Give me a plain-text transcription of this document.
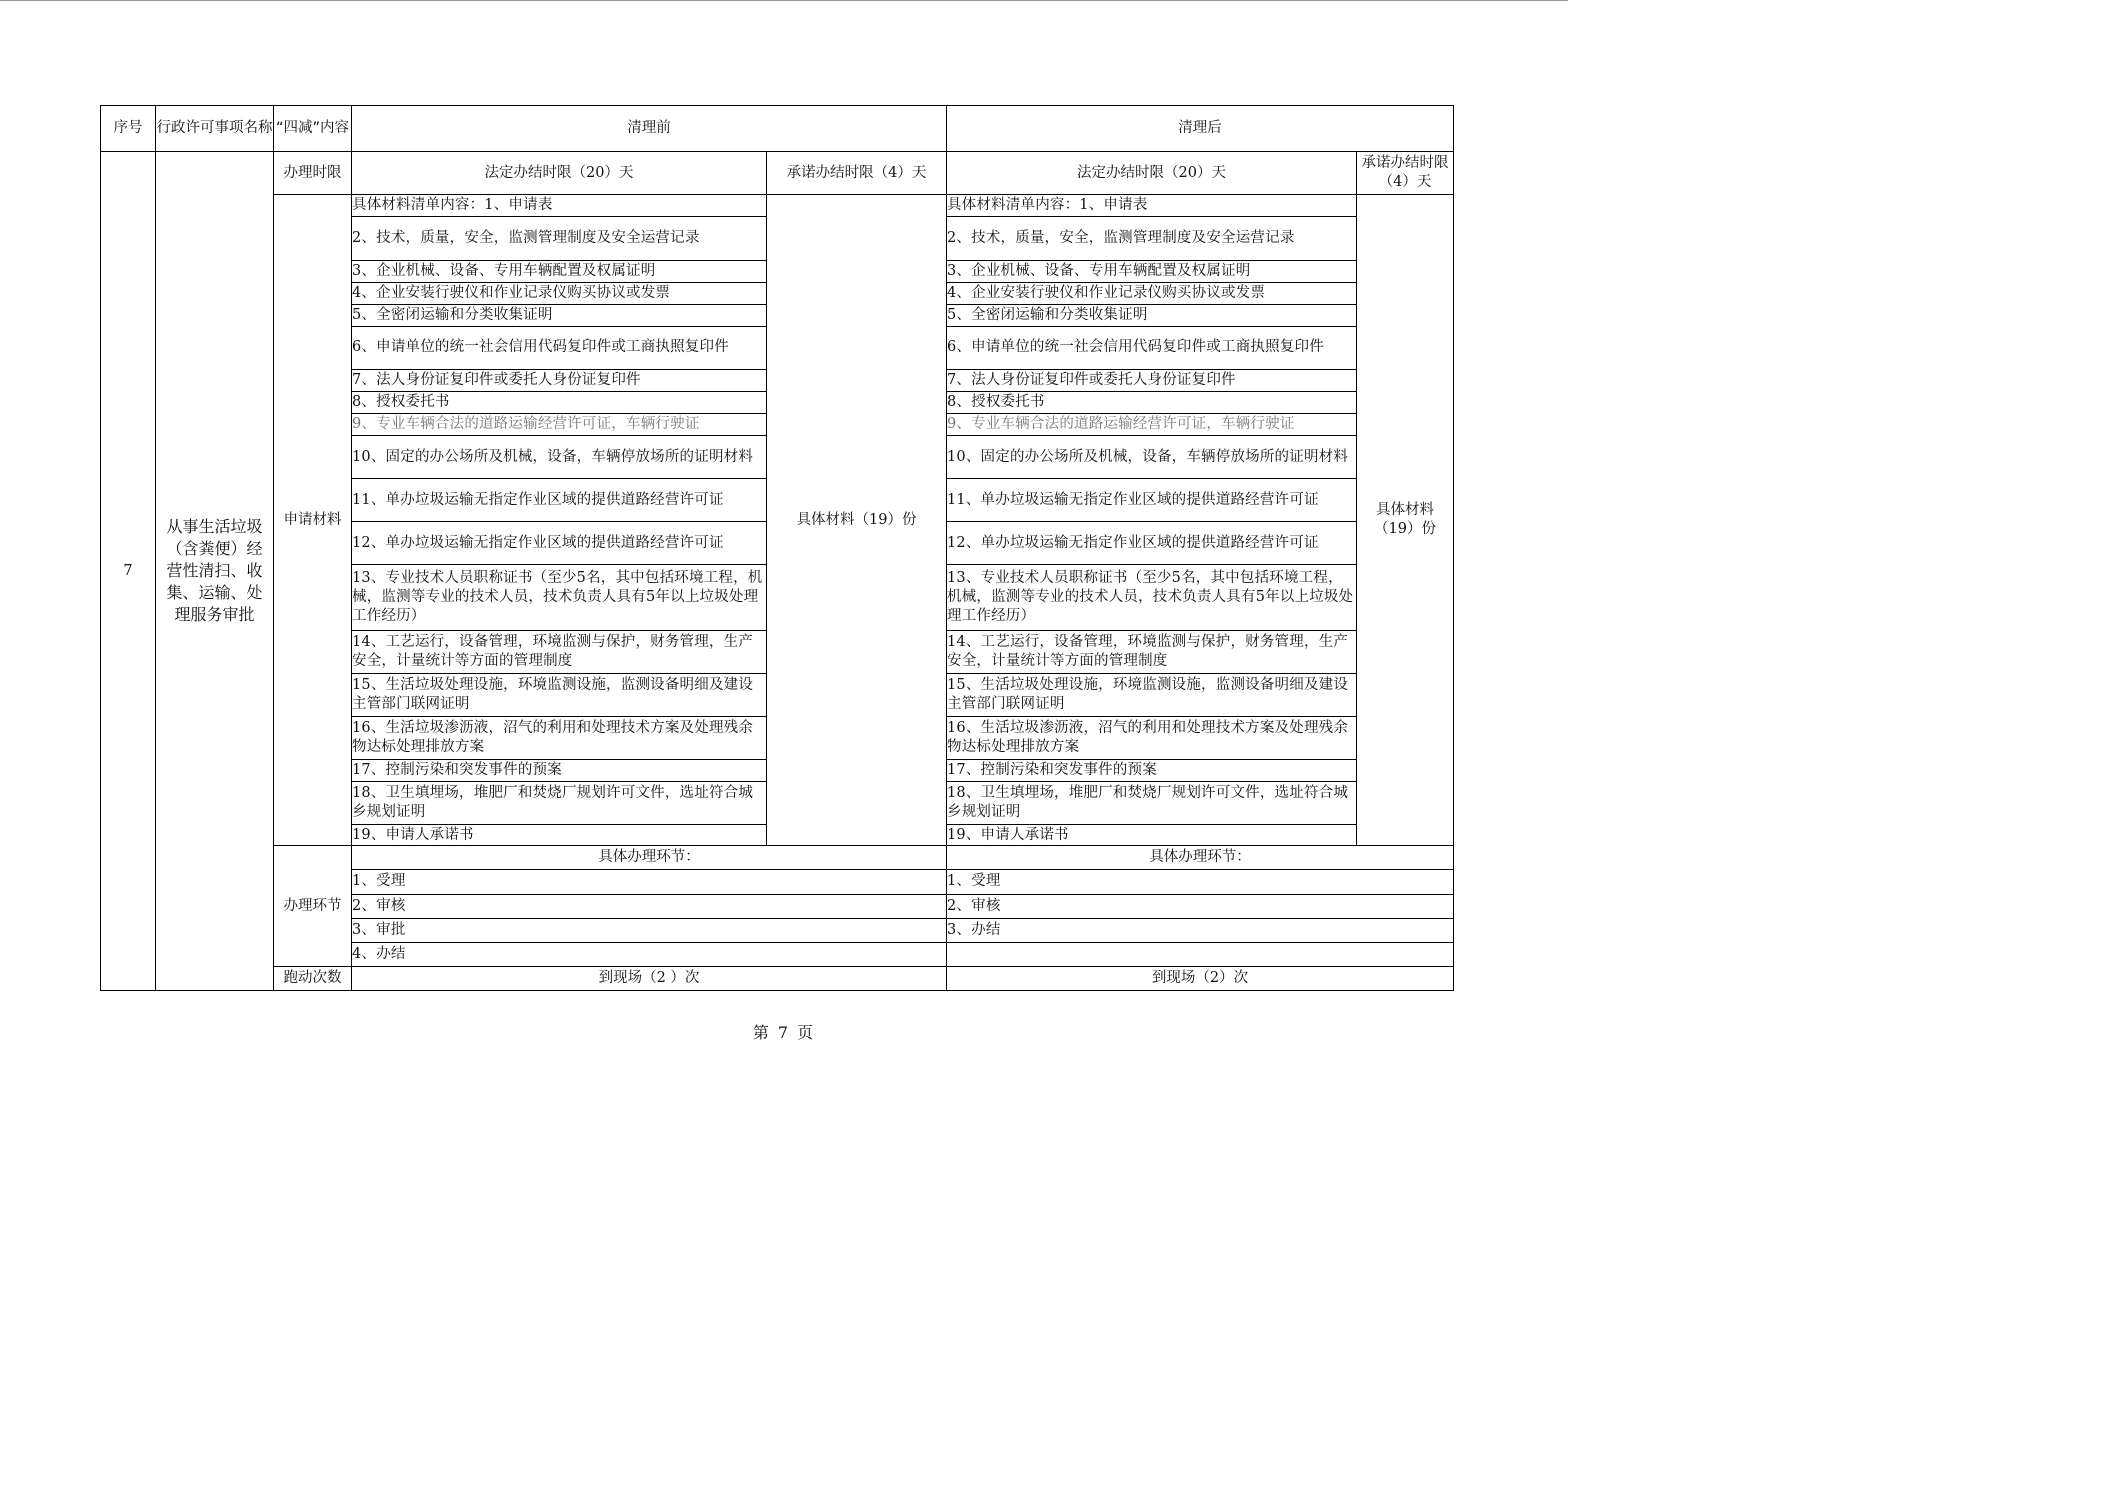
序号	行政许可事项名称	“四减”内容	清理前		清理后	
7	从事生活垃圾（含粪便）经营性清扫、收集、运输、处理服务审批	办理时限	法定办结时限（20）天	承诺办结时限（4）天	法定办结时限（20）天	承诺办结时限（4）天
		申请材料	具体材料清单内容：1、申请表	具体材料（19）份	具体材料清单内容：1、申请表	具体材料（19）份
			2、技术，质量，安全，监测管理制度及安全运营记录		2、技术，质量，安全，监测管理制度及安全运营记录	
			3、企业机械、设备、专用车辆配置及权属证明		3、企业机械、设备、专用车辆配置及权属证明	
			4、企业安装行驶仪和作业记录仪购买协议或发票		4、企业安装行驶仪和作业记录仪购买协议或发票	
			5、全密闭运输和分类收集证明		5、全密闭运输和分类收集证明	
			6、申请单位的统一社会信用代码复印件或工商执照复印件		6、申请单位的统一社会信用代码复印件或工商执照复印件	
			7、法人身份证复印件或委托人身份证复印件		7、法人身份证复印件或委托人身份证复印件	
			8、授权委托书		8、授权委托书	
			9、专业车辆合法的道路运输经营许可证，车辆行驶证		9、专业车辆合法的道路运输经营许可证，车辆行驶证	
			10、固定的办公场所及机械，设备，车辆停放场所的证明材料		10、固定的办公场所及机械，设备，车辆停放场所的证明材料	
			11、单办垃圾运输无指定作业区域的提供道路经营许可证		11、单办垃圾运输无指定作业区域的提供道路经营许可证	
			12、单办垃圾运输无指定作业区域的提供道路经营许可证		12、单办垃圾运输无指定作业区域的提供道路经营许可证	
			13、专业技术人员职称证书（至少5名，其中包括环境工程，机械，监测等专业的技术人员，技术负责人具有5年以上垃圾处理工作经历）		13、专业技术人员职称证书（至少5名，其中包括环境工程，机械，监测等专业的技术人员，技术负责人具有5年以上垃圾处理工作经历）	
			14、工艺运行，设备管理，环境监测与保护，财务管理，生产安全，计量统计等方面的管理制度		14、工艺运行，设备管理，环境监测与保护，财务管理，生产安全，计量统计等方面的管理制度	
			15、生活垃圾处理设施，环境监测设施，监测设备明细及建设主管部门联网证明		15、生活垃圾处理设施，环境监测设施，监测设备明细及建设主管部门联网证明	
			16、生活垃圾渗沥液，沼气的利用和处理技术方案及处理残余物达标处理排放方案		16、生活垃圾渗沥液，沼气的利用和处理技术方案及处理残余物达标处理排放方案	
			17、控制污染和突发事件的预案		17、控制污染和突发事件的预案	
			18、卫生填埋场，堆肥厂和焚烧厂规划许可文件，选址符合城乡规划证明		18、卫生填埋场，堆肥厂和焚烧厂规划许可文件，选址符合城乡规划证明	
			19、申请人承诺书		19、申请人承诺书	
		办理环节	具体办理环节：		具体办理环节：	
			1、受理		1、受理	
			2、审核		2、审核	
			3、审批		3、办结	
			4、办结			
		跑动次数	到现场（2 ）次		到现场（2）次	
第 7 页
